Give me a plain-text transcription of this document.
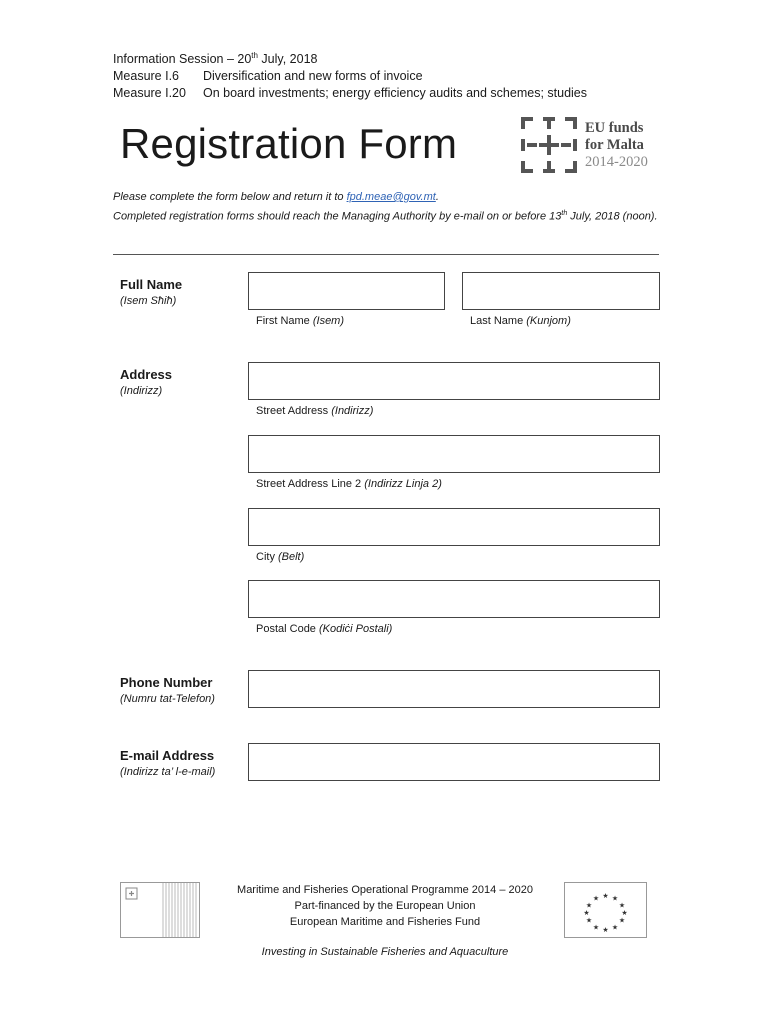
Information Session – 20th July, 2018
Measure I.6	Diversification and new forms of invoice
Measure I.20	On board investments; energy efficiency audits and schemes; studies
Registration Form	EU funds
for Malta
2014-2020
Please complete the form below and return it to fpd.meae@gov.mt.
Completed registration forms should reach the Managing Authority by e-mail on or before 13th July, 2018 (noon).
Full Name
(Isem Sħiħ)
First Name (Isem)	Last Name (Kunjom)
Address
(Indirizz)
Street Address (Indirizz)
Street Address Line 2 (Indirizz Linja 2)
City (Belt)
Postal Code (Kodiċi Postali)
Phone Number
(Numru tat-Telefon)
E-mail Address
(Indirizz ta’ l-e-mail)
Maritime and Fisheries Operational Programme 2014 – 2020
Part-financed by the European Union
European Maritime and Fisheries Fund
★ ★
★
★
★
★
★
★
★
★
★
★
Investing in Sustainable Fisheries and Aquaculture
